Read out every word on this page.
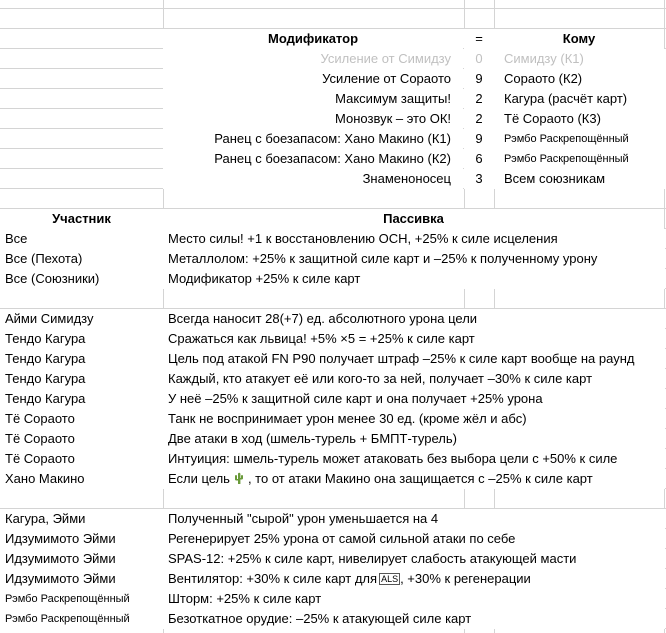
Модификатор	=	Кому
Усиление от Симидзу	0	Симидзу (К1)
Усиление от Сораото	9	Сораото (К2)
Максимум защиты!	2	Кагура (расчёт карт)
Монозвук – это ОК!	2	Тё Сораото (К3)
Ранец с боезапасом: Хано Макино (К1)	9	Рэмбо Раскрепощённый
Ранец с боезапасом: Хано Макино (К2)	6	Рэмбо Раскрепощённый
Знаменоносец	3	Всем союзникам
Участник	Пассивка
Все	Место силы! +1 к восстановлению ОСН, +25% к силе исцеления
Все (Пехота)	Металлолом: +25% к защитной силе карт и –25% к полученному урону
Все (Союзники)	Модификатор +25% к силе карт
Айми Симидзу	Всегда наносит 28(+7) ед. абсолютного урона цели
Тендо Кагура	Сражаться как львица! +5% ×5 = +25% к силе карт
Тендо Кагура	Цель под атакой FN P90 получает штраф –25% к силе карт вообще на раунд
Тендо Кагура	Каждый, кто атакует её или кого-то за ней, получает –30% к силе карт
Тендо Кагура	У неё –25% к защитной силе карт и она получает +25% урона
Тё Сораото	Танк не воспринимает урон менее 30 ед. (кроме жёл и абс)
Тё Сораото	Две атаки в ход (шмель-турель + БМПТ-турель)
Тё Сораото	Интуиция: шмель-турель может атаковать без выбора цели с +50% к силе
Хано Макино	Если цель , то от атаки Макино она защищается с –25% к силе карт
Кагура, Эйми	Полученный "сырой" урон уменьшается на 4
Идзумимото Эйми	Регенерирует 25% урона от самой сильной атаки по себе
Идзумимото Эйми	SPAS-12: +25% к силе карт, нивелирует слабость атакующей масти
Идзумимото Эйми	Вентилятор: +30% к силе карт для ALS , +30% к регенерации
Рэмбо Раскрепощённый	Шторм: +25% к силе карт
Рэмбо Раскрепощённый	Безоткатное орудие: –25% к атакующей силе карт
